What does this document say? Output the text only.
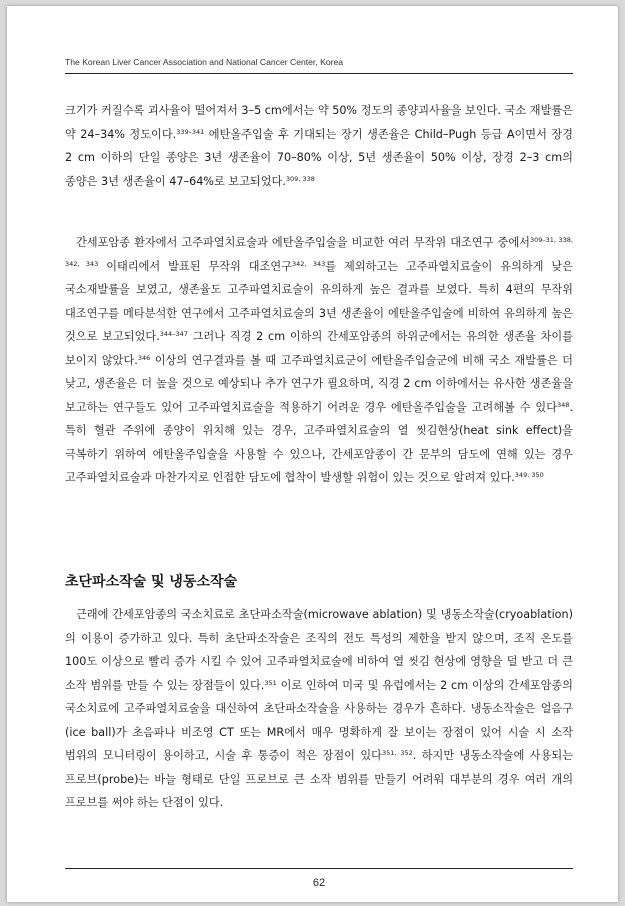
The Korean Liver Cancer Association and National Cancer Center, Korea

크기가 커질수록 괴사율이 떨어져서 3–5 cm에서는 약 50% 정도의 종양괴사율을 보인다. 국소 재발률은 약 24–34% 정도이다.$^{339-341}$ 에탄올주입술 후 기대되는 장기 생존율은 Child–Pugh 등급 A이면서 장경 2 cm 이하의 단일 종양은 3년 생존율이 70–80% 이상, 5년 생존율이 50% 이상, 장경 2–3 cm의 종양은 3년 생존율이 47–64%로 보고되었다.$^{309, 338}$

간세포암종 환자에서 고주파열치료술과 에탄올주입술을 비교한 여러 무작위 대조연구 중에서$^{309-31, 338, 342, 343}$ 이태리에서 발표된 무작위 대조연구$^{342, 343}$를 제외하고는 고주파열치료술이 유의하게 낮은 국소재발률을 보였고, 생존율도 고주파열치료술이 유의하게 높은 결과를 보였다. 특히 4편의 무작위 대조연구를 메타분석한 연구에서 고주파열치료술의 3년 생존율이 에탄올주입술에 비하여 유의하게 높은 것으로 보고되었다.$^{344-347}$ 그러나 직경 2 cm 이하의 간세포암종의 하위군에서는 유의한 생존율 차이를 보이지 않았다.$^{346}$ 이상의 연구결과를 볼 때 고주파열치료군이 에탄올주입술군에 비해 국소 재발률은 더 낮고, 생존율은 더 높을 것으로 예상되나 추가 연구가 필요하며, 직경 2 cm 이하에서는 유사한 생존율을 보고하는 연구들도 있어 고주파열치료술을 적용하기 어려운 경우 에탄올주입술을 고려해볼 수 있다$^{348}$. 특히 혈관 주위에 종양이 위치해 있는 경우, 고주파열치료술의 열 씻김현상(heat sink effect)을 극복하기 위하여 에탄올주입술을 사용할 수 있으나, 간세포암종이 간 문부의 담도에 연해 있는 경우 고주파열치료술과 마찬가지로 인접한 담도에 협착이 발생할 위험이 있는 것으로 알려져 있다.$^{349, 350}$

초단파소작술 및 냉동소작술

근래에 간세포암종의 국소치료로 초단파소작술(microwave ablation) 및 냉동소작술(cryoablation)의 이용이 증가하고 있다. 특히 초단파소작술은 조직의 전도 특성의 제한을 받지 않으며, 조직 온도를 100도 이상으로 빨리 증가 시킬 수 있어 고주파열치료술에 비하여 열 씻김 현상에 영향을 덜 받고 더 큰 소작 범위를 만들 수 있는 장점들이 있다.$^{351}$ 이로 인하여 미국 및 유럽에서는 2 cm 이상의 간세포암종의 국소치료에 고주파열치료술을 대신하여 초단파소작술을 사용하는 경우가 흔하다. 냉동소작술은 얼음구(ice ball)가 초음파나 비조영 CT 또는 MR에서 매우 명확하게 잘 보이는 장점이 있어 시술 시 소작 범위의 모니터링이 용이하고, 시술 후 통증이 적은 장점이 있다$^{351, 352}$. 하지만 냉동소작술에 사용되는 프로브(probe)는 바늘 형태로 단일 프로브로 큰 소작 범위를 만들기 어려워 대부분의 경우 여러 개의 프로브를 써야 하는 단점이 있다.

62
